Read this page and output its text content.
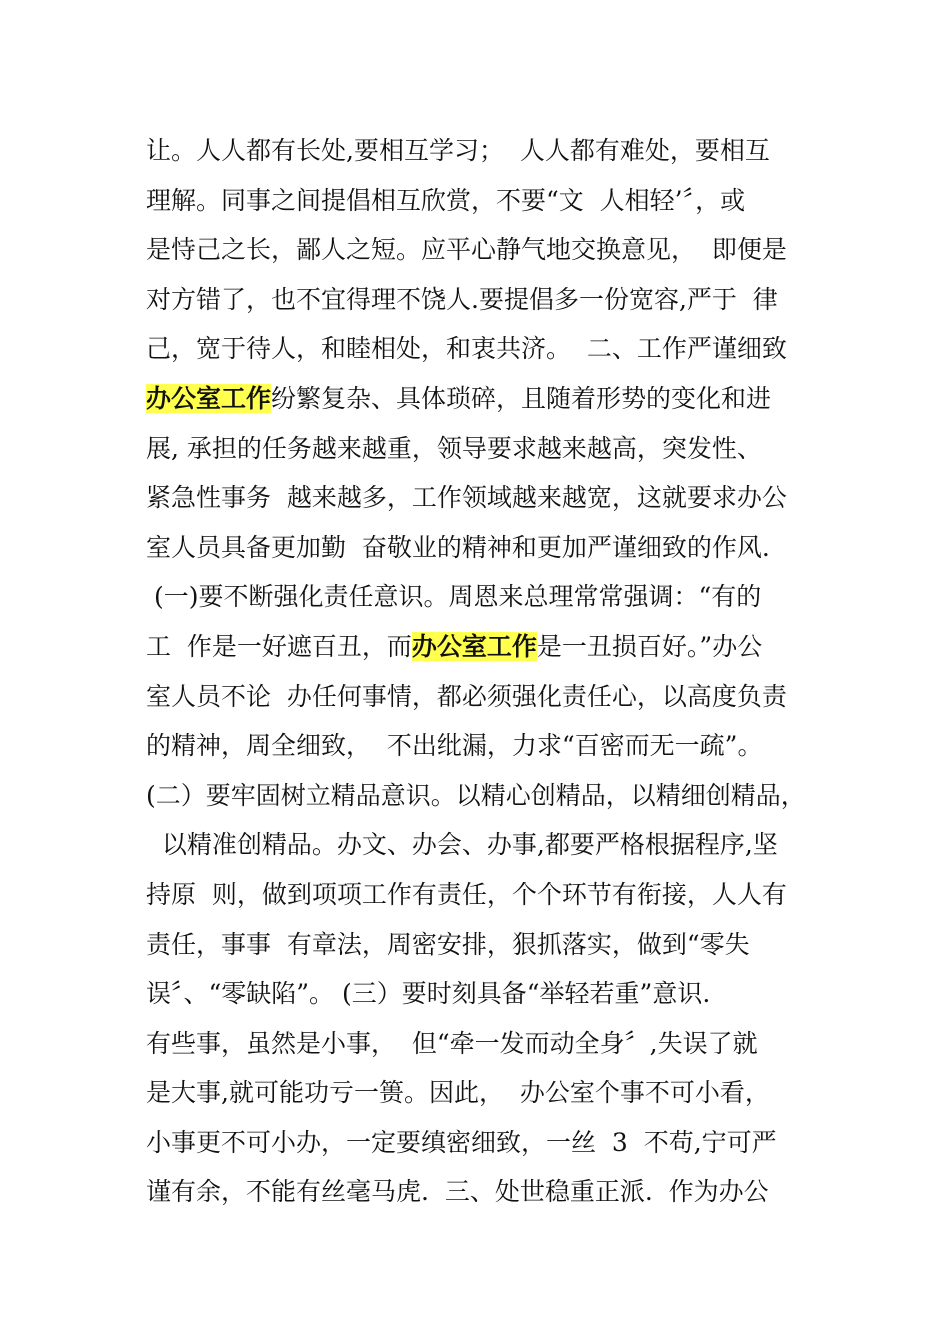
让。人人都有长处,要相互学习；  人人都有难处，要相互
理解。同事之间提倡相互欣赏，不要“文  人相轻’〞，或
是恃己之长，鄙人之短。应平心静气地交换意见，  即便是
对方错了，也不宜得理不饶人.要提倡多一份宽容,严于  律
己，宽于待人，和睦相处，和衷共济。  二、工作严谨细致
办公室工作纷繁复杂、具体琐碎，且随着形势的变化和进
展, 承担的任务越来越重，领导要求越来越高，突发性、
紧急性事务  越来越多，工作领域越来越宽，这就要求办公
室人员具备更加勤  奋敬业的精神和更加严谨细致的作风.
(一)要不断强化责任意识。周恩来总理常常强调：“有的
工  作是一好遮百丑，而办公室工作是一丑损百好。”办公
室人员不论  办任何事情，都必须强化责任心，以高度负责
的精神，周全细致，  不出纰漏，力求“百密而无一疏”。
(二）要牢固树立精品意识。以精心创精品，以精细创精品，
以精准创精品。办文、办会、办事,都要严格根据程序,坚
持原  则，做到项项工作有责任，个个环节有衔接，人人有
责任，事事  有章法，周密安排，狠抓落实，做到“零失
误〞、“零缺陷”。 (三）要时刻具备“举轻若重”意识.
有些事，虽然是小事，  但“牵一发而动全身〞,失误了就
是大事,就可能功亏一篑。因此，  办公室个事不可小看，
小事更不可小办，一定要缜密细致，一丝  3  不苟,宁可严
谨有余，不能有丝毫马虎.  三、处世稳重正派.  作为办公
